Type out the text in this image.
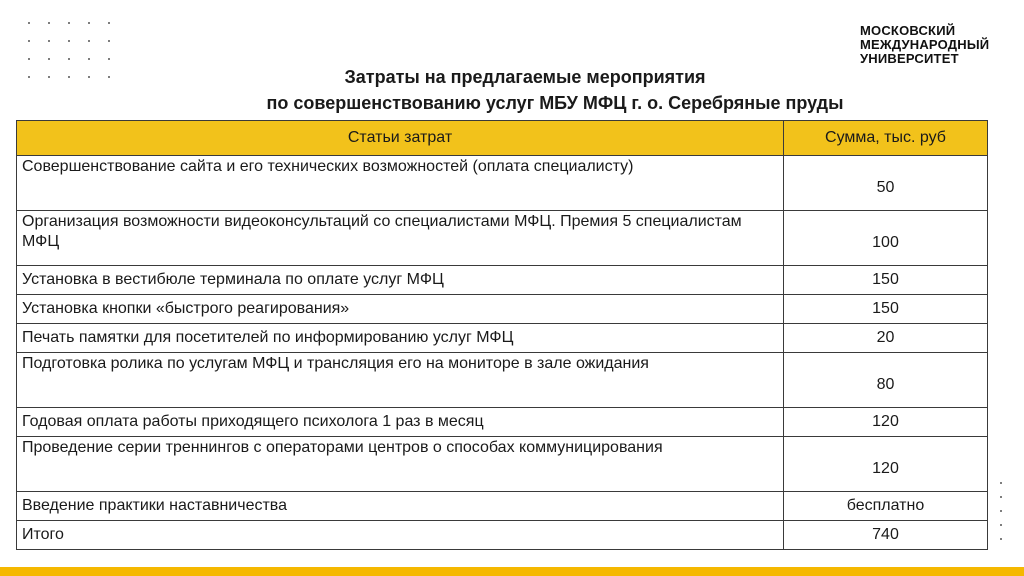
МОСКОВСКИЙ
МЕЖДУНАРОДНЫЙ
УНИВЕРСИТЕТ
Затраты на предлагаемые мероприятия
по совершенствованию услуг МБУ МФЦ г. о. Серебряные пруды
Статьи затрат	Сумма, тыс. руб
Совершенствование сайта и его технических возможностей (оплата специалисту)	50
Организация возможности видеоконсультаций со специалистами МФЦ. Премия 5 специалистам МФЦ	100
Установка в вестибюле терминала по оплате услуг МФЦ	150
Установка кнопки «быстрого реагирования»	150
Печать памятки для посетителей по информированию услуг МФЦ	20
Подготовка ролика по услугам МФЦ и трансляция его на мониторе в зале ожидания	80
Годовая оплата работы приходящего психолога 1 раз в месяц	120
Проведение серии треннингов с операторами центров о способах коммуницирования	120
Введение практики наставничества	бесплатно
Итого	740
